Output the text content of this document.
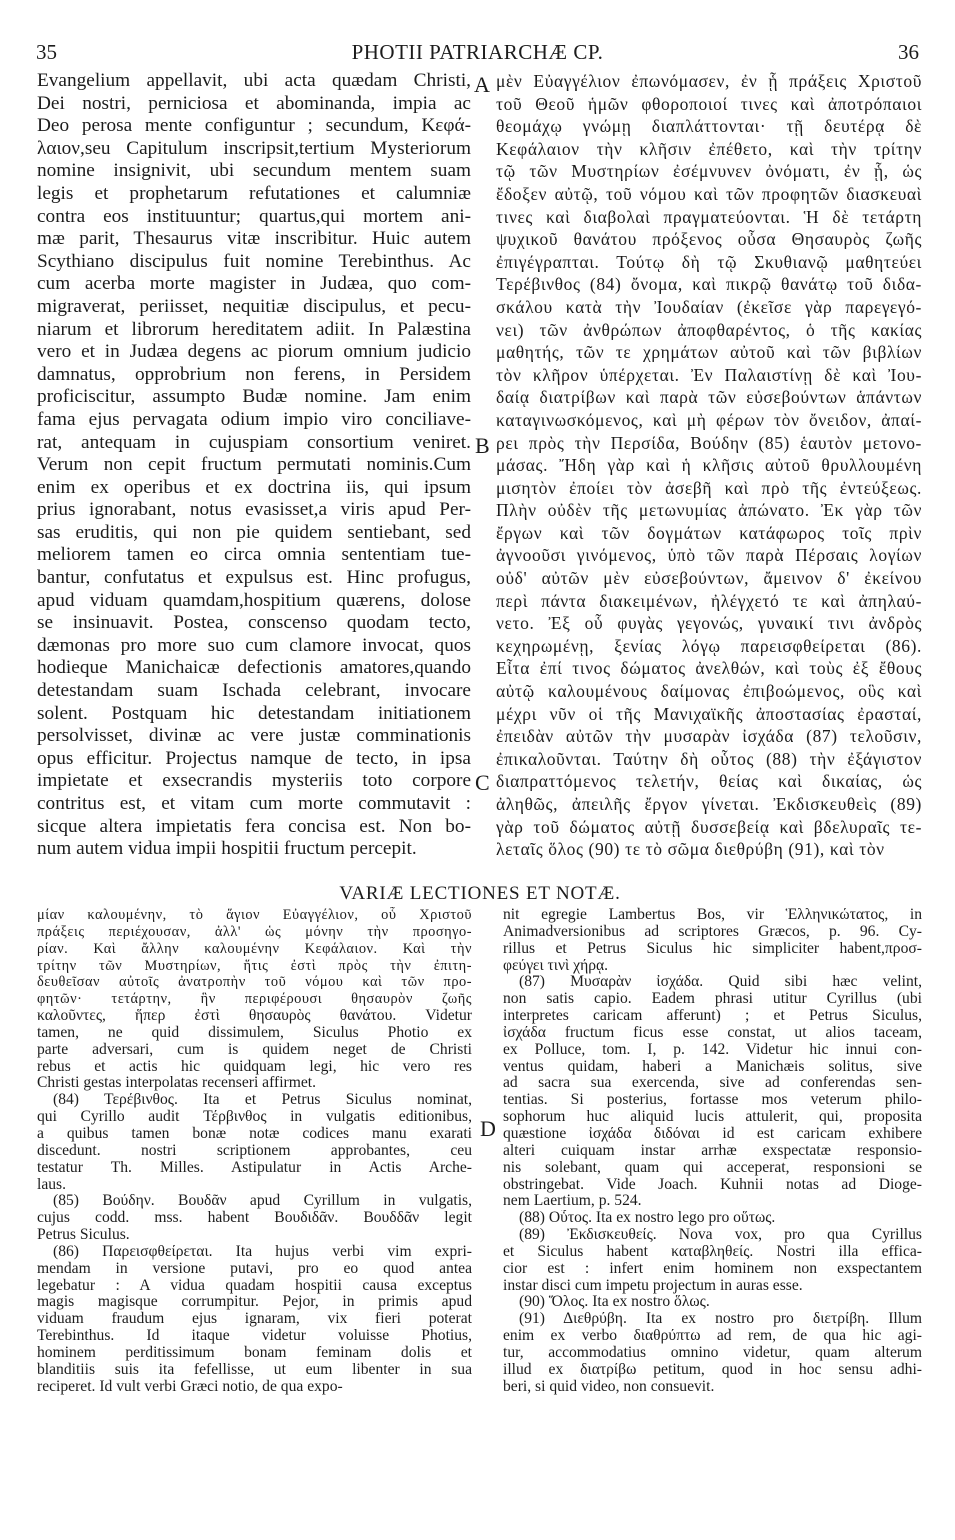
35	PHOTII PATRIARCHÆ CP.	36
Evangelium appellavit, ubi acta quædam Christi,
Dei nostri, perniciosa et abominanda, impia ac
Deo perosa mente configuntur ; secundum, Κεφά-
λαιον,seu Capitulum inscripsit,tertium Mysteriorum
nomine insignivit, ubi secundum mentem suam
legis et prophetarum refutationes et calumniæ
contra eos instituuntur; quartus,qui mortem ani-
mæ parit, Thesaurus vitæ inscribitur. Huic autem
Scythiano discipulus fuit nomine Terebinthus. Ac
cum acerba morte magister in Judæa, quo com-
migraverat, periisset, nequitiæ discipulus, et pecu-
niarum et librorum hereditatem adiit. In Palæstina
vero et in Judæa degens ac piorum omnium judicio
damnatus, opprobrium non ferens, in Persidem
proficiscitur, assumpto Budæ nomine. Jam enim
fama ejus pervagata odium impio viro conciliave-
rat, antequam in cujuspiam consortium veniret.
Verum non cepit fructum permutati nominis.Cum
enim ex operibus et ex doctrina iis, qui ipsum
prius ignorabant, notus evasisset,a viris apud Per-
sas eruditis, qui non pie quidem sentiebant, sed
meliorem tamen eo circa omnia sententiam tue-
bantur, confutatus et expulsus est. Hinc profugus,
apud viduam quamdam,hospitium quærens, dolose
se insinuavit. Postea, conscenso quodam tecto,
dæmonas pro more suo cum clamore invocat, quos
hodieque Manichaicæ defectionis amatores,quando
detestandam suam Ischada celebrant, invocare
solent. Postquam hic detestandam initiationem
persolvisset, divinæ ac vere justæ comminationis
opus efficitur. Projectus namque de tecto, in ipsa
impietate et exsecrandis mysteriis toto corpore
contritus est, et vitam cum morte commutavit :
sicque altera impietatis fera concisa est. Non bo-
num autem vidua impii hospitii fructum percepit.
μὲν Εὐαγγέλιον ἐπωνόμασεν, ἐν ᾗ πράξεις Χριστοῦ
τοῦ Θεοῦ ἡμῶν φθοροποιοί τινες καὶ ἀποτρόπαιοι
θεομάχῳ γνώμῃ διαπλάττονται· τῇ δευτέρᾳ δὲ
Κεφάλαιον τὴν κλῆσιν ἐπέθετο, καὶ τὴν τρίτην
τῷ τῶν Μυστηρίων ἐσέμνυνεν ὀνόματι, ἐν ᾗ, ὡς
ἔδοξεν αὐτῷ, τοῦ νόμου καὶ τῶν προφητῶν διασκευαὶ
τινες καὶ διαβολαὶ πραγματεύονται. Ἡ δὲ τετάρτη
ψυχικοῦ θανάτου πρόξενος οὖσα Θησαυρὸς ζωῆς
ἐπιγέγραπται. Τούτῳ δὴ τῷ Σκυθιανῷ μαθητεύει
Τερέβινθος (84) ὄνομα, καὶ πικρῷ θανάτῳ τοῦ διδα-
σκάλου κατὰ τὴν Ἰουδαίαν (ἐκεῖσε γὰρ παρεγεγό-
νει) τῶν ἀνθρώπων ἀποφθαρέντος, ὁ τῆς κακίας
μαθητής, τῶν τε χρημάτων αὐτοῦ καὶ τῶν βιβλίων
τὸν κλῆρον ὑπέρχεται. Ἐν Παλαιστίνῃ δὲ καὶ Ἰου-
δαίᾳ διατρίβων καὶ παρὰ τῶν εὐσεβούντων ἁπάντων
καταγινωσκόμενος, καὶ μὴ φέρων τὸν ὄνειδον, ἀπαί-
ρει πρὸς τὴν Περσίδα, Βούδην (85) ἑαυτὸν μετονο-
μάσας. Ἤδη γὰρ καὶ ἡ κλῆσις αὐτοῦ θρυλλουμένη
μισητὸν ἐποίει τὸν ἀσεβῆ καὶ πρὸ τῆς ἐντεύξεως.
Πλὴν οὐδὲν τῆς μετωνυμίας ἀπώνατο. Ἐκ γὰρ τῶν
ἔργων καὶ τῶν δογμάτων κατάφωρος τοῖς πρὶν
ἀγνοοῦσι γινόμενος, ὑπὸ τῶν παρὰ Πέρσαις λογίων
οὐδ' αὐτῶν μὲν εὐσεβούντων, ἄμεινον δ' ἐκείνου
περὶ πάντα διακειμένων, ἠλέγχετό τε καὶ ἀπηλαύ-
νετο. Ἐξ οὗ φυγὰς γεγονώς, γυναικί τινι ἀνδρὸς
κεχηρωμένῃ, ξενίας λόγῳ παρεισφθείρεται (86).
Εἶτα ἐπί τινος δώματος ἀνελθών, καὶ τοὺς ἐξ ἔθους
αὐτῷ καλουμένους δαίμονας ἐπιβοώμενος, οὓς καὶ
μέχρι νῦν οἱ τῆς Μανιχαϊκῆς ἀποστασίας ἐρασταί,
ἐπειδὰν αὐτῶν τὴν μυσαρὰν ἰσχάδα (87) τελοῦσιν,
ἐπικαλοῦνται. Ταύτην δὴ οὗτος (88) τὴν ἐξάγιστον
διαπραττόμενος τελετήν, θείας καὶ δικαίας, ὡς
ἀληθῶς, ἀπειλῆς ἔργον γίνεται. Ἐκδισκευθεὶς (89)
γὰρ τοῦ δώματος αὐτῇ δυσσεβείᾳ καὶ βδελυραῖς τε-
λεταῖς ὅλος (90) τε τὸ σῶμα διεθρύβη (91), καὶ τὸν
A
B
C
D
VARIÆ LECTIONES ET NOTÆ.
μίαν καλουμένην, τὸ ἅγιον Εὐαγγέλιον, οὗ Χριστοῦ
πράξεις περιέχουσαν, ἀλλ' ὡς μόνην τὴν προσηγο-
ρίαν. Καὶ ἄλλην καλουμένην Κεφάλαιον. Καὶ τὴν
τρίτην τῶν Μυστηρίων, ἥτις ἐστὶ πρὸς τὴν ἐπιτη-
δευθεῖσαν αὐτοῖς ἀνατροπὴν τοῦ νόμου καὶ τῶν προ-
φητῶν· τετάρτην, ἣν περιφέρουσι θησαυρὸν ζωῆς
καλοῦντες, ἥπερ ἐστὶ θησαυρὸς θανάτου. Videtur
tamen, ne quid dissimulem, Siculus Photio ex
parte adversari, cum is quidem neget de Christi
rebus et actis hic quidquam legi, hic vero res
Christi gestas interpolatas recenseri affirmet.
(84) Τερέβινθος. Ita et Petrus Siculus nominat,
qui Cyrillo audit Τέρβινθος in vulgatis editionibus,
a quibus tamen bonæ notæ codices manu exarati
discedunt. nostri scriptionem approbantes, ceu
testatur Th. Milles. Astipulatur in Actis Arche-
laus.
(85) Βούδην. Βουδᾶν apud Cyrillum in vulgatis,
cujus codd. mss. habent Βουδιδᾶν. Βουδδᾶν legit
Petrus Siculus.
(86) Παρεισφθείρεται. Ita hujus verbi vim expri-
mendam in versione putavi, pro eo quod antea
legebatur : A vidua quadam hospitii causa exceptus
magis magisque corrumpitur. Pejor, in primis apud
viduam fraudum ejus ignaram, vix fieri poterat
Terebinthus. Id itaque videtur voluisse Photius,
hominem perditissimum bonam feminam dolis et
blanditiis suis ita fefellisse, ut eum libenter in sua
reciperet. Id vult verbi Græci notio, de qua expo-
nit egregie Lambertus Bos, vir Ἑλληνικώτατος, in
Animadversionibus ad scriptores Græcos, p. 96. Cy-
rillus et Petrus Siculus hic simpliciter habent,προσ-
φεύγει τινὶ χήρᾳ.
(87) Μυσαρὰν ἰσχάδα. Quid sibi hæc velint,
non satis capio. Eadem phrasi utitur Cyrillus (ubi
interpretes caricam afferunt) ; et Petrus Siculus,
ἰσχάδα fructum ficus esse constat, ut alios taceam,
ex Polluce, tom. I, p. 142. Videtur hic innui con-
ventus quidam, haberi a Manichæis solitus, sive
ad sacra sua exercenda, sive ad conferendas sen-
tentias. Si posterius, fortasse mos veterum philo-
sophorum huc aliquid lucis attulerit, qui, proposita
quæstione ἰσχάδα διδόναι id est caricam exhibere
alteri cuiquam instar arrhæ exspectatæ responsio-
nis solebant, quam qui acceperat, responsioni se
obstringebat. Vide Joach. Kuhnii notas ad Dioge-
nem Laertium, p. 524.
(88) Οὗτος. Ita ex nostro lego pro οὕτως.
(89) Ἐκδισκευθείς. Nova vox, pro qua Cyrillus
et Siculus habent καταβληθείς. Nostri illa effica-
cior est : infert enim hominem non exspectantem
instar disci cum impetu projectum in auras esse.
(90) Ὅλος. Ita ex nostro ὅλως.
(91) Διεθρύβη. Ita ex nostro pro διετρίβη. Illum
enim ex verbo διαθρύπτω ad rem, de qua hic agi-
tur, accommodatius omnino videtur, quam alterum
illud ex διατρίβω petitum, quod in hoc sensu adhi-
beri, si quid video, non consuevit.
